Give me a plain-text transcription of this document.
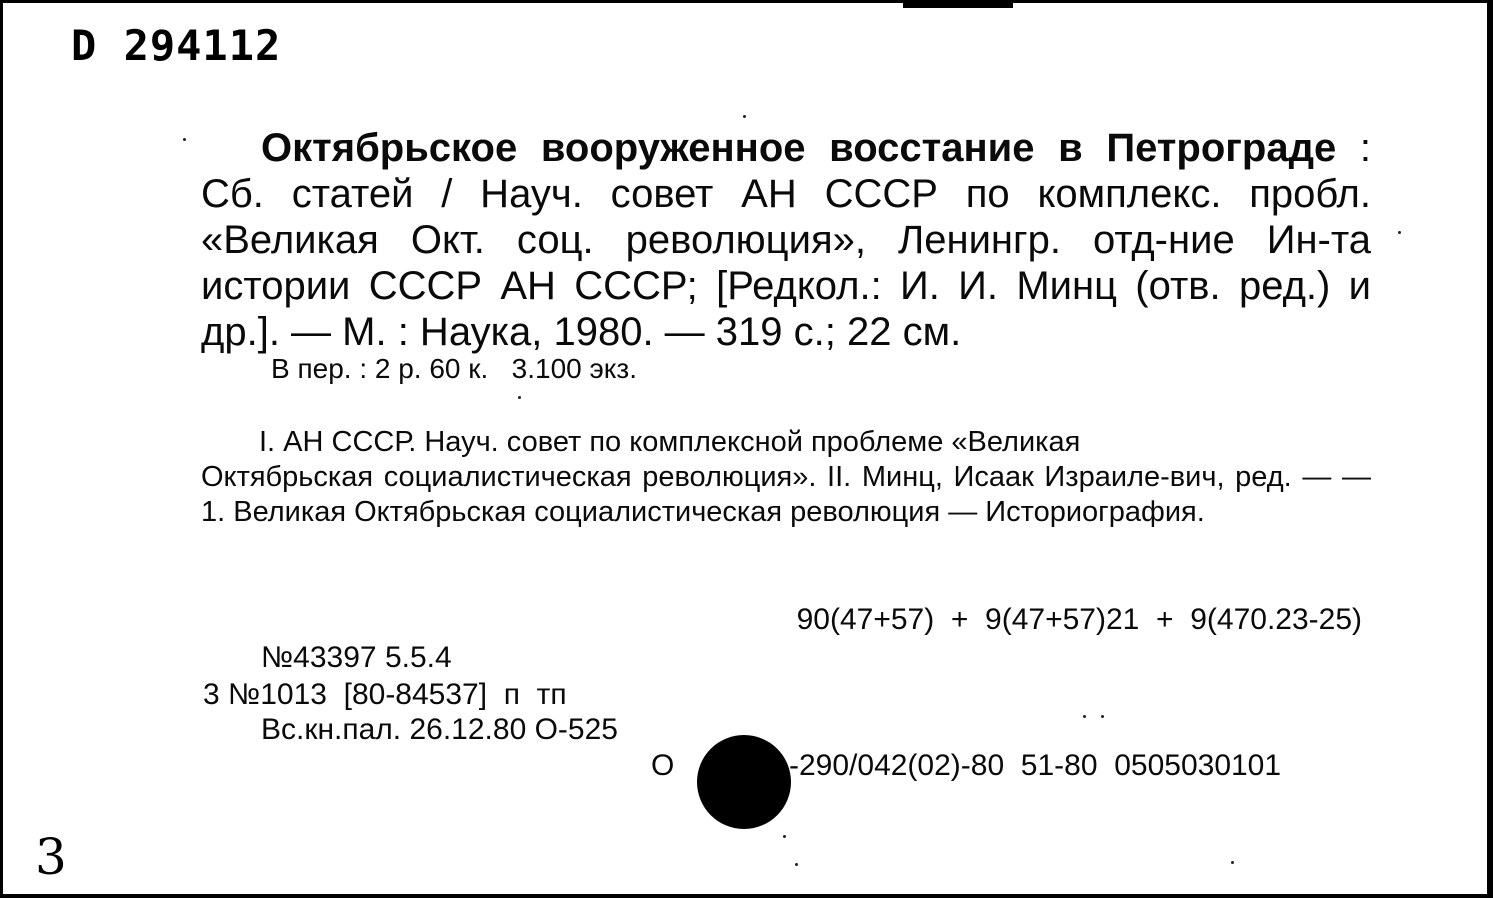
D 294112
Октябрьское вооруженное восстание в Петрограде : Сб. статей / Науч. совет АН СССР по комплекс. пробл. «Великая Окт. соц. революция», Ленингр. отд-ние Ин-та истории СССР АН СССР; [Редкол.: И. И. Минц (отв. ред.) и др.]. — М. : Наука, 1980. — 319 с.; 22 см.
В пер. : 2 р. 60 к.   3.100 экз.
I. АН СССР. Науч. совет по комплексной проблеме «Великая
Октябрьская социалистическая революция». II. Минц, Исаак Израиле-вич, ред. — — 1. Великая Октябрьская социалистическая революция — Историография.
90(47+57)  +  9(47+57)21  +  9(470.23-25)
№43397 5.5.4
3 №1013  [80-84537]  п  тп
Вс.кн.пал. 26.12.80 О-525
О	-290/042(02)-80  51-80  0505030101
3
